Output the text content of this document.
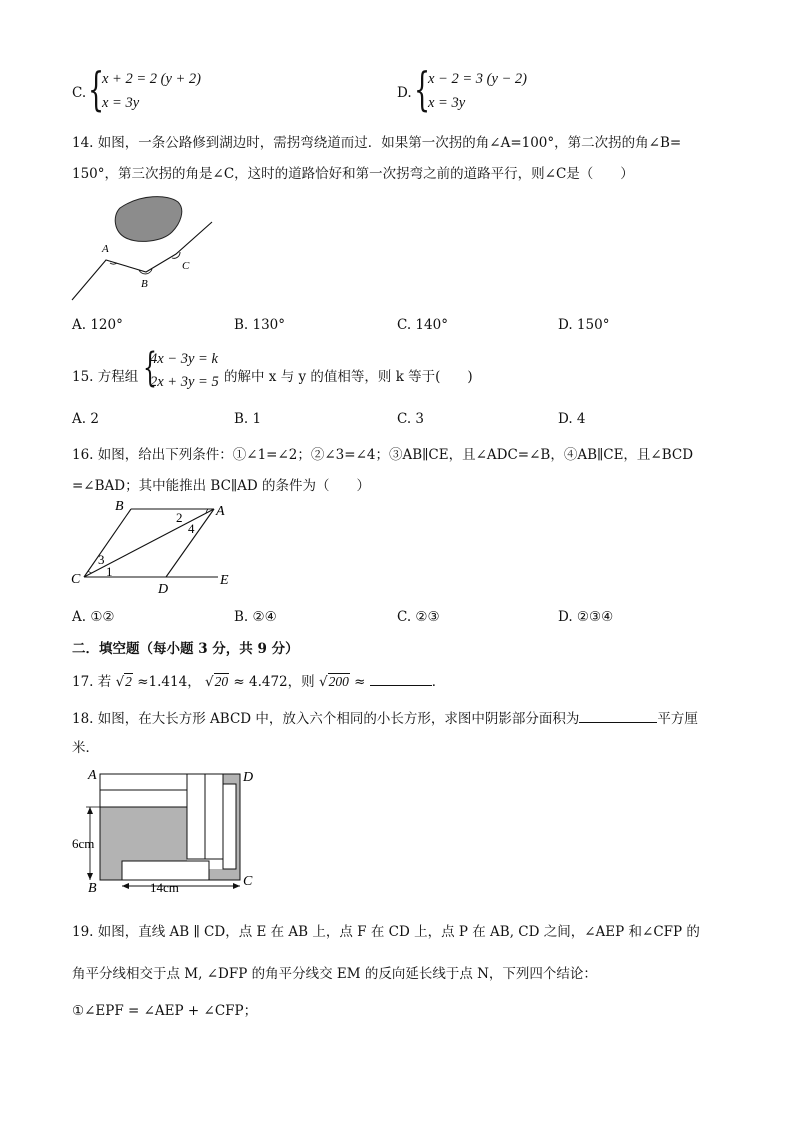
C. {
x + 2 = 2 (y + 2)
x = 3y
D. {
x − 2 = 3 (y − 2)
x = 3y
14. 如图，一条公路修到湖边时，需拐弯绕道而过．如果第一次拐的角∠A=100°，第二次拐的角∠B=
150°，第三次拐的角是∠C，这时的道路恰好和第一次拐弯之前的道路平行，则∠C是（　　）
A
B
C
A. 120°	B. 130°	C. 140°	D. 150°
15. 方程组 {
4x − 3y = k
2x + 3y = 5 的解中 x 与 y 的值相等，则 k 等于(　　)
A. 2	B. 1	C. 3	D. 4
16. 如图，给出下列条件：①∠1=∠2；②∠3=∠4；③AB∥CE，且∠ADC=∠B，④AB∥CE，且∠BCD
=∠BAD；其中能推出 BC∥AD 的条件为（　　）
B	A
C
D
E
1
2
3
4
A. ①②	B. ②④	C. ②③	D. ②③④
二．填空题（每小题 3 分，共 9 分）
17. 若 √2 ≈1.414， √20 ≈ 4.472，则 √200 ≈	．
18. 如图，在大长方形 ABCD 中，放入六个相同的小长方形，求图中阴影部分面积为	平方厘
米．
A	D
B	C
6cm
14cm
19. 如图，直线 AB ∥ CD，点 E 在 AB 上，点 F 在 CD 上，点 P 在 AB, CD 之间，∠AEP 和∠CFP 的
角平分线相交于点 M, ∠DFP 的角平分线交 EM 的反向延长线于点 N，下列四个结论：
①∠EPF = ∠AEP + ∠CFP；
